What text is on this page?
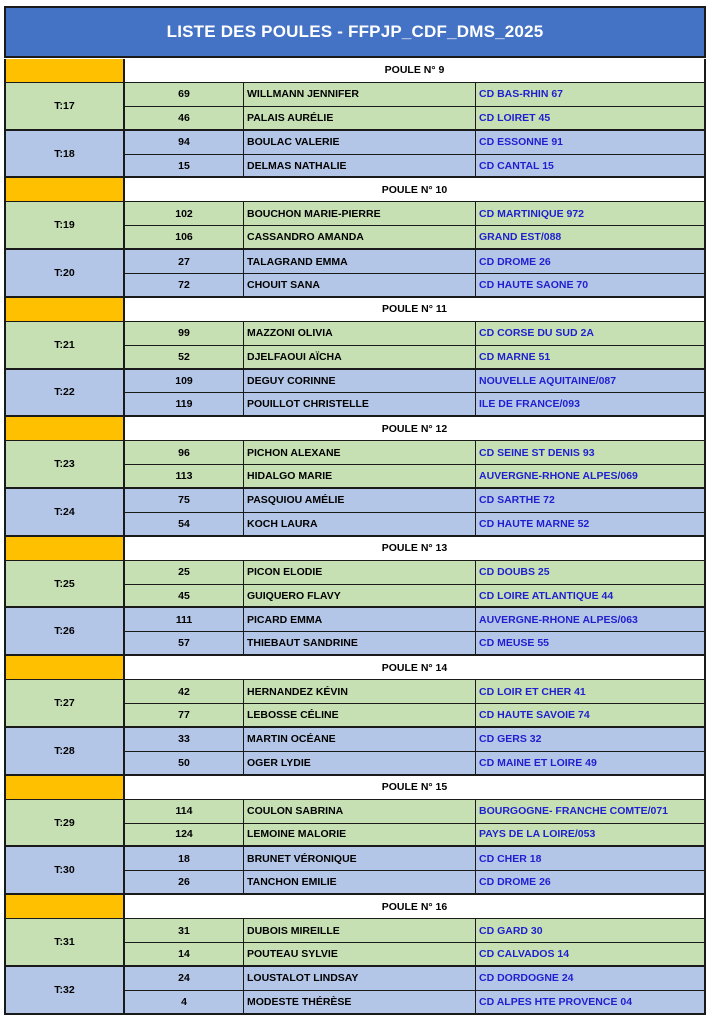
LISTE DES POULES - FFPJP_CDF_DMS_2025
POULE N° 9
T:17
69	WILLMANN JENNIFER	CD BAS-RHIN 67
46	PALAIS AURÉLIE	CD LOIRET 45
T:18
94	BOULAC VALERIE	CD ESSONNE 91
15	DELMAS NATHALIE	CD CANTAL 15
POULE N° 10
T:19
102	BOUCHON MARIE-PIERRE	CD MARTINIQUE 972
106	CASSANDRO AMANDA	GRAND EST/088
T:20
27	TALAGRAND EMMA	CD DROME 26
72	CHOUIT SANA	CD HAUTE SAONE 70
POULE N° 11
T:21
99	MAZZONI OLIVIA	CD CORSE DU SUD 2A
52	DJELFAOUI AÏCHA	CD MARNE 51
T:22
109	DEGUY CORINNE	NOUVELLE AQUITAINE/087
119	POUILLOT CHRISTELLE	ILE DE FRANCE/093
POULE N° 12
T:23
96	PICHON ALEXANE	CD SEINE ST DENIS 93
113	HIDALGO MARIE	AUVERGNE-RHONE ALPES/069
T:24
75	PASQUIOU AMÉLIE	CD SARTHE 72
54	KOCH LAURA	CD HAUTE MARNE 52
POULE N° 13
T:25
25	PICON ELODIE	CD DOUBS 25
45	GUIQUERO FLAVY	CD LOIRE ATLANTIQUE 44
T:26
111	PICARD EMMA	AUVERGNE-RHONE ALPES/063
57	THIEBAUT SANDRINE	CD MEUSE 55
POULE N° 14
T:27
42	HERNANDEZ KÉVIN	CD LOIR ET CHER 41
77	LEBOSSE CÉLINE	CD HAUTE SAVOIE 74
T:28
33	MARTIN OCÉANE	CD GERS 32
50	OGER LYDIE	CD MAINE ET LOIRE 49
POULE N° 15
T:29
114	COULON SABRINA	BOURGOGNE- FRANCHE COMTE/071
124	LEMOINE MALORIE	PAYS DE LA LOIRE/053
T:30
18	BRUNET VÉRONIQUE	CD CHER 18
26	TANCHON EMILIE	CD DROME 26
POULE N° 16
T:31
31	DUBOIS MIREILLE	CD GARD 30
14	POUTEAU SYLVIE	CD CALVADOS 14
T:32
24	LOUSTALOT LINDSAY	CD DORDOGNE 24
4	MODESTE THÉRÈSE	CD ALPES HTE PROVENCE 04
